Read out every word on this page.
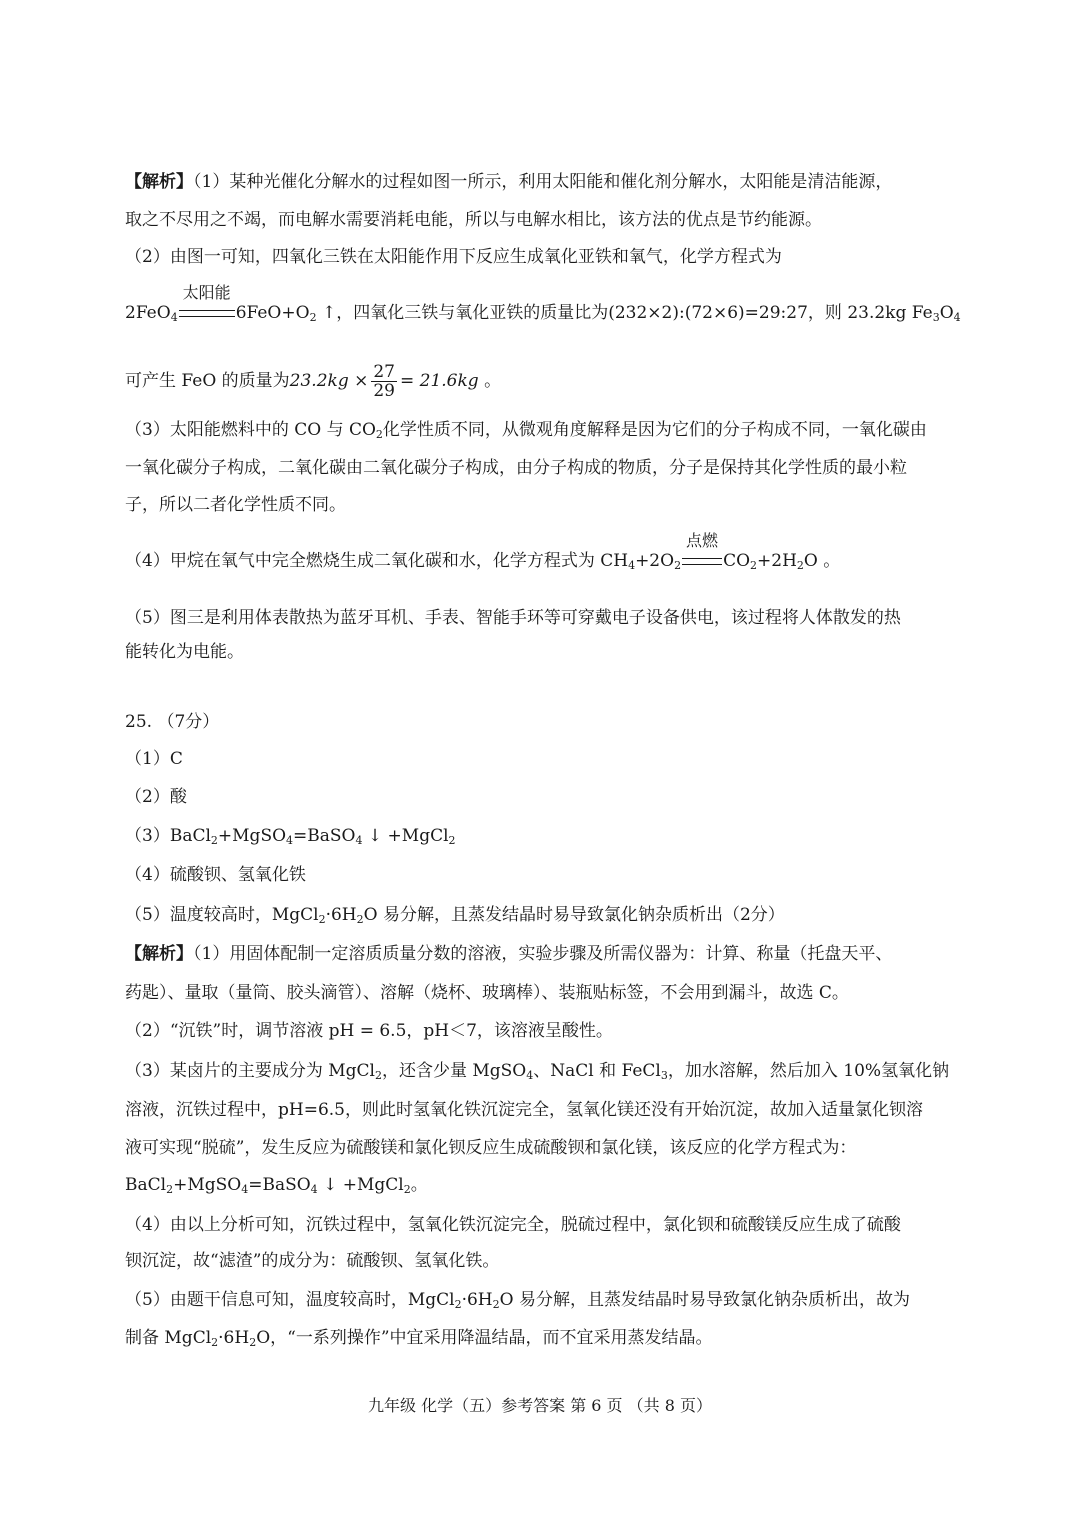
【解析】（1）某种光催化分解水的过程如图一所示，利用太阳能和催化剂分解水，太阳能是清洁能源，
取之不尽用之不竭，而电解水需要消耗电能，所以与电解水相比，该方法的优点是节约能源。
（2）由图一可知，四氧化三铁在太阳能作用下反应生成氧化亚铁和氧气，化学方程式为
2FeO$_4$
太阳能
$6FeO+O_2$ ↑，四氧化三铁与氧化亚铁的质量比为(232×2):(72×6)=29:27，则 23.2kg $Fe_3O_4$
可产生 FeO 的质量为$23.2kg \times \frac{27}{29} = 21.6kg$ 。
（3）太阳能燃料中的 CO 与 $CO_2$化学性质不同，从微观角度解释是因为它们的分子构成不同，一氧化碳由
一氧化碳分子构成，二氧化碳由二氧化碳分子构成，由分子构成的物质，分子是保持其化学性质的最小粒
子，所以二者化学性质不同。
（4）甲烷在氧气中完全燃烧生成二氧化碳和水，化学方程式为 $CH_4+2O_2$
点燃
$CO_2+2H_2O$ 。
（5）图三是利用体表散热为蓝牙耳机、手表、智能手环等可穿戴电子设备供电，该过程将人体散发的热
能转化为电能。
25. （7分）
（1）C
（2）酸
（3）BaCl$_2$+MgSO$_4$=BaSO$_4$ ↓ +MgCl$_2$
（4）硫酸钡、氢氧化铁
（5）温度较高时，$MgCl_2\cdot 6H_2O$ 易分解，且蒸发结晶时易导致氯化钠杂质析出（2分）
【解析】（1）用固体配制一定溶质质量分数的溶液，实验步骤及所需仪器为：计算、称量（托盘天平、
药匙）、量取（量筒、胶头滴管）、溶解（烧杯、玻璃棒）、装瓶贴标签，不会用到漏斗，故选 C。
（2）“沉铁”时，调节溶液 pH = 6.5，pH＜7，该溶液呈酸性。
（3）某卤片的主要成分为 MgCl$_2$，还含少量 MgSO$_4$、NaCl 和 FeCl$_3$，加水溶解，然后加入 10%氢氧化钠
溶液，沉铁过程中，pH=6.5，则此时氢氧化铁沉淀完全，氢氧化镁还没有开始沉淀，故加入适量氯化钡溶
液可实现“脱硫”，发生反应为硫酸镁和氯化钡反应生成硫酸钡和氯化镁，该反应的化学方程式为：
BaCl$_2$+MgSO$_4$=BaSO$_4$ ↓ +MgCl$_2$。
（4）由以上分析可知，沉铁过程中，氢氧化铁沉淀完全，脱硫过程中，氯化钡和硫酸镁反应生成了硫酸
钡沉淀，故“滤渣”的成分为：硫酸钡、氢氧化铁。
（5）由题干信息可知，温度较高时，$MgCl_2\cdot 6H_2O$ 易分解，且蒸发结晶时易导致氯化钠杂质析出，故为
制备 $MgCl_2\cdot 6H_2O$，“一系列操作”中宜采用降温结晶，而不宜采用蒸发结晶。
九年级 化学（五）参考答案 第 6 页 （共 8 页）
